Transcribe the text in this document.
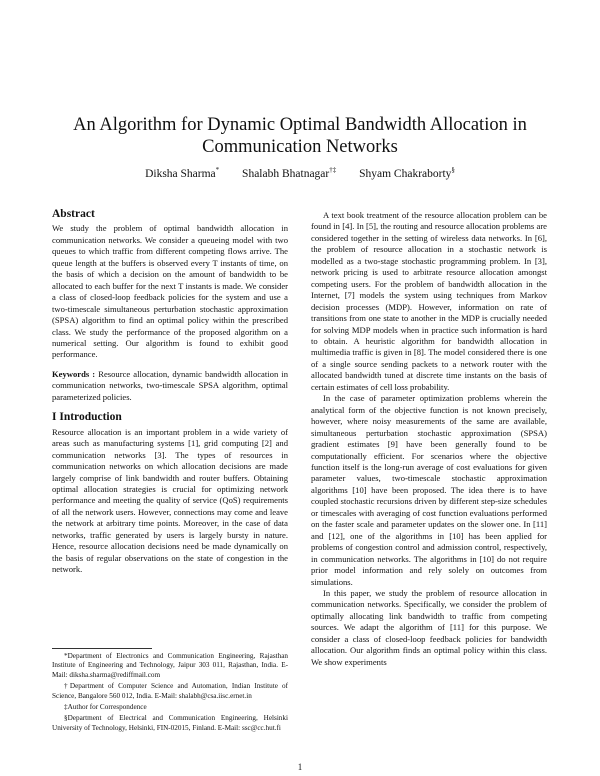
An Algorithm for Dynamic Optimal Bandwidth Allocation in Communication Networks
Diksha Sharma* Shalabh Bhatnagar†‡ Shyam Chakraborty§
Abstract

We study the problem of optimal bandwidth allocation in communication networks. We consider a queueing model with two queues to which traffic from different competing flows arrive. The queue length at the buffers is observed every T instants of time, on the basis of which a decision on the amount of bandwidth to be allocated to each buffer for the next T instants is made. We consider a class of closed-loop feedback policies for the system and use a two-timescale simultaneous perturbation stochastic approximation (SPSA) algorithm to find an optimal policy within the prescribed class. We study the performance of the proposed algorithm on a numerical setting. Our algorithm is found to exhibit good performance.

Keywords : Resource allocation, dynamic bandwidth allocation in communication networks, two-timescale SPSA algorithm, optimal parameterized policies.

I Introduction

Resource allocation is an important problem in a wide variety of areas such as manufacturing systems [1], grid computing [2] and communication networks [3]. The types of resources in communication networks on which allocation decisions are made largely comprise of link bandwidth and router buffers. Obtaining optimal allocation strategies is crucial for optimizing network performance and meeting the quality of service (QoS) requirements of all the network users. However, connections may come and leave the network at arbitrary time points. Moreover, in the case of data networks, traffic generated by users is largely bursty in nature. Hence, resource allocation decisions need be made dynamically on the basis of regular observations on the state of congestion in the network.

*Department of Electronics and Communication Engineering, Rajasthan Institute of Engineering and Technology, Jaipur 303 011, Rajasthan, India. E-Mail: diksha.sharma@rediffmail.com

†Department of Computer Science and Automation, Indian Institute of Science, Bangalore 560 012, India. E-Mail: shalabh@csa.iisc.ernet.in

‡Author for Correspondence

§Department of Electrical and Communication Engineering, Helsinki University of Technology, Helsinki, FIN-02015, Finland. E-Mail: ssc@cc.hut.fi

A text book treatment of the resource allocation problem can be found in [4]. In [5], the routing and resource allocation problems are considered together in the setting of wireless data networks. In [6], the problem of resource allocation in a stochastic network is modelled as a two-stage stochastic programming problem. In [3], network pricing is used to arbitrate resource allocation amongst competing users. For the problem of bandwidth allocation in the Internet, [7] models the system using techniques from Markov decision processes (MDP). However, information on rate of transitions from one state to another in the MDP is crucially needed for solving MDP models when in practice such information is hard to obtain. A heuristic algorithm for bandwidth allocation in multimedia traffic is given in [8]. The model considered there is one of a single source sending packets to a network router with the allocated bandwidth tuned at discrete time instants on the basis of certain estimates of cell loss probability.

In the case of parameter optimization problems wherein the analytical form of the objective function is not known precisely, however, where noisy measurements of the same are available, simultaneous perturbation stochastic approximation (SPSA) gradient estimates [9] have been generally found to be computationally efficient. For scenarios where the objective function itself is the long-run average of cost evaluations for given parameter values, two-timescale stochastic approximation algorithms [10] have been proposed. The idea there is to have coupled stochastic recursions driven by different step-size schedules or timescales with averaging of cost function evaluations performed on the faster scale and parameter updates on the slower one. In [11] and [12], one of the algorithms in [10] has been applied for problems of congestion control and admission control, respectively, in communication networks. The algorithms in [10] do not require prior model information and rely solely on outcomes from simulations.

In this paper, we study the problem of resource allocation in communication networks. Specifically, we consider the problem of optimally allocating link bandwidth to traffic from competing sources. We adapt the algorithm of [11] for this purpose. We consider a class of closed-loop feedback policies for bandwidth allocation. Our algorithm finds an optimal policy within this class. We show experiments

1
